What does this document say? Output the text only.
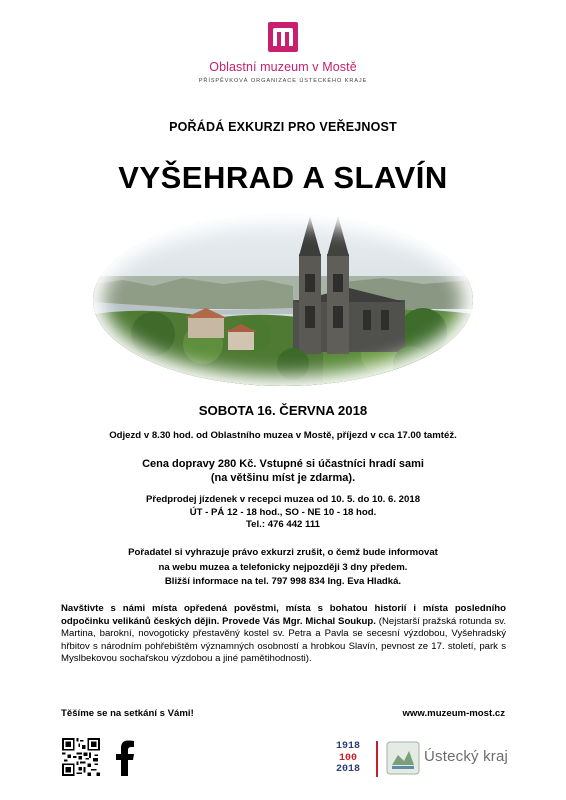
Oblastní muzeum v Mostě
PŘÍSPĚVKOVÁ ORGANIZACE ÚSTECKÉHO KRAJE
POŘÁDÁ EXKURZI PRO VEŘEJNOST
VYŠEHRAD A SLAVÍN
SOBOTA 16. ČERVNA 2018
Odjezd v 8.30 hod. od Oblastního muzea v Mostě, příjezd v cca 17.00 tamtéž.
Cena dopravy 280 Kč. Vstupné si účastníci hradí sami
(na většinu míst je zdarma).
Předprodej jízdenek v recepci muzea od 10. 5. do 10. 6. 2018
ÚT - PÁ 12 - 18 hod., SO - NE 10 - 18 hod.
Tel.: 476 442 111
Pořadatel si vyhrazuje právo exkurzi zrušit, o čemž bude informovat
na webu muzea a telefonicky nejpozději 3 dny předem.
Bližší informace na tel. 797 998 834 Ing. Eva Hladká.
Navštivte s námi místa opředená pověstmi, místa s bohatou historií i místa posledního odpočinku velikánů českých dějin. Provede Vás Mgr. Michal Soukup. (Nejstarší pražská rotunda sv. Martina, barokní, novogoticky přestavěný kostel sv. Petra a Pavla se secesní výzdobou, Vyšehradský hřbitov s národním pohřebištěm významných osobností a hrobkou Slavín, pevnost ze 17. století, park s Myslbekovou sochařskou výzdobou a jiné pamětihodnosti).
Těšíme se na setkání s Vámi!	www.muzeum-most.cz
1918
100
2018
Ústecký kraj
